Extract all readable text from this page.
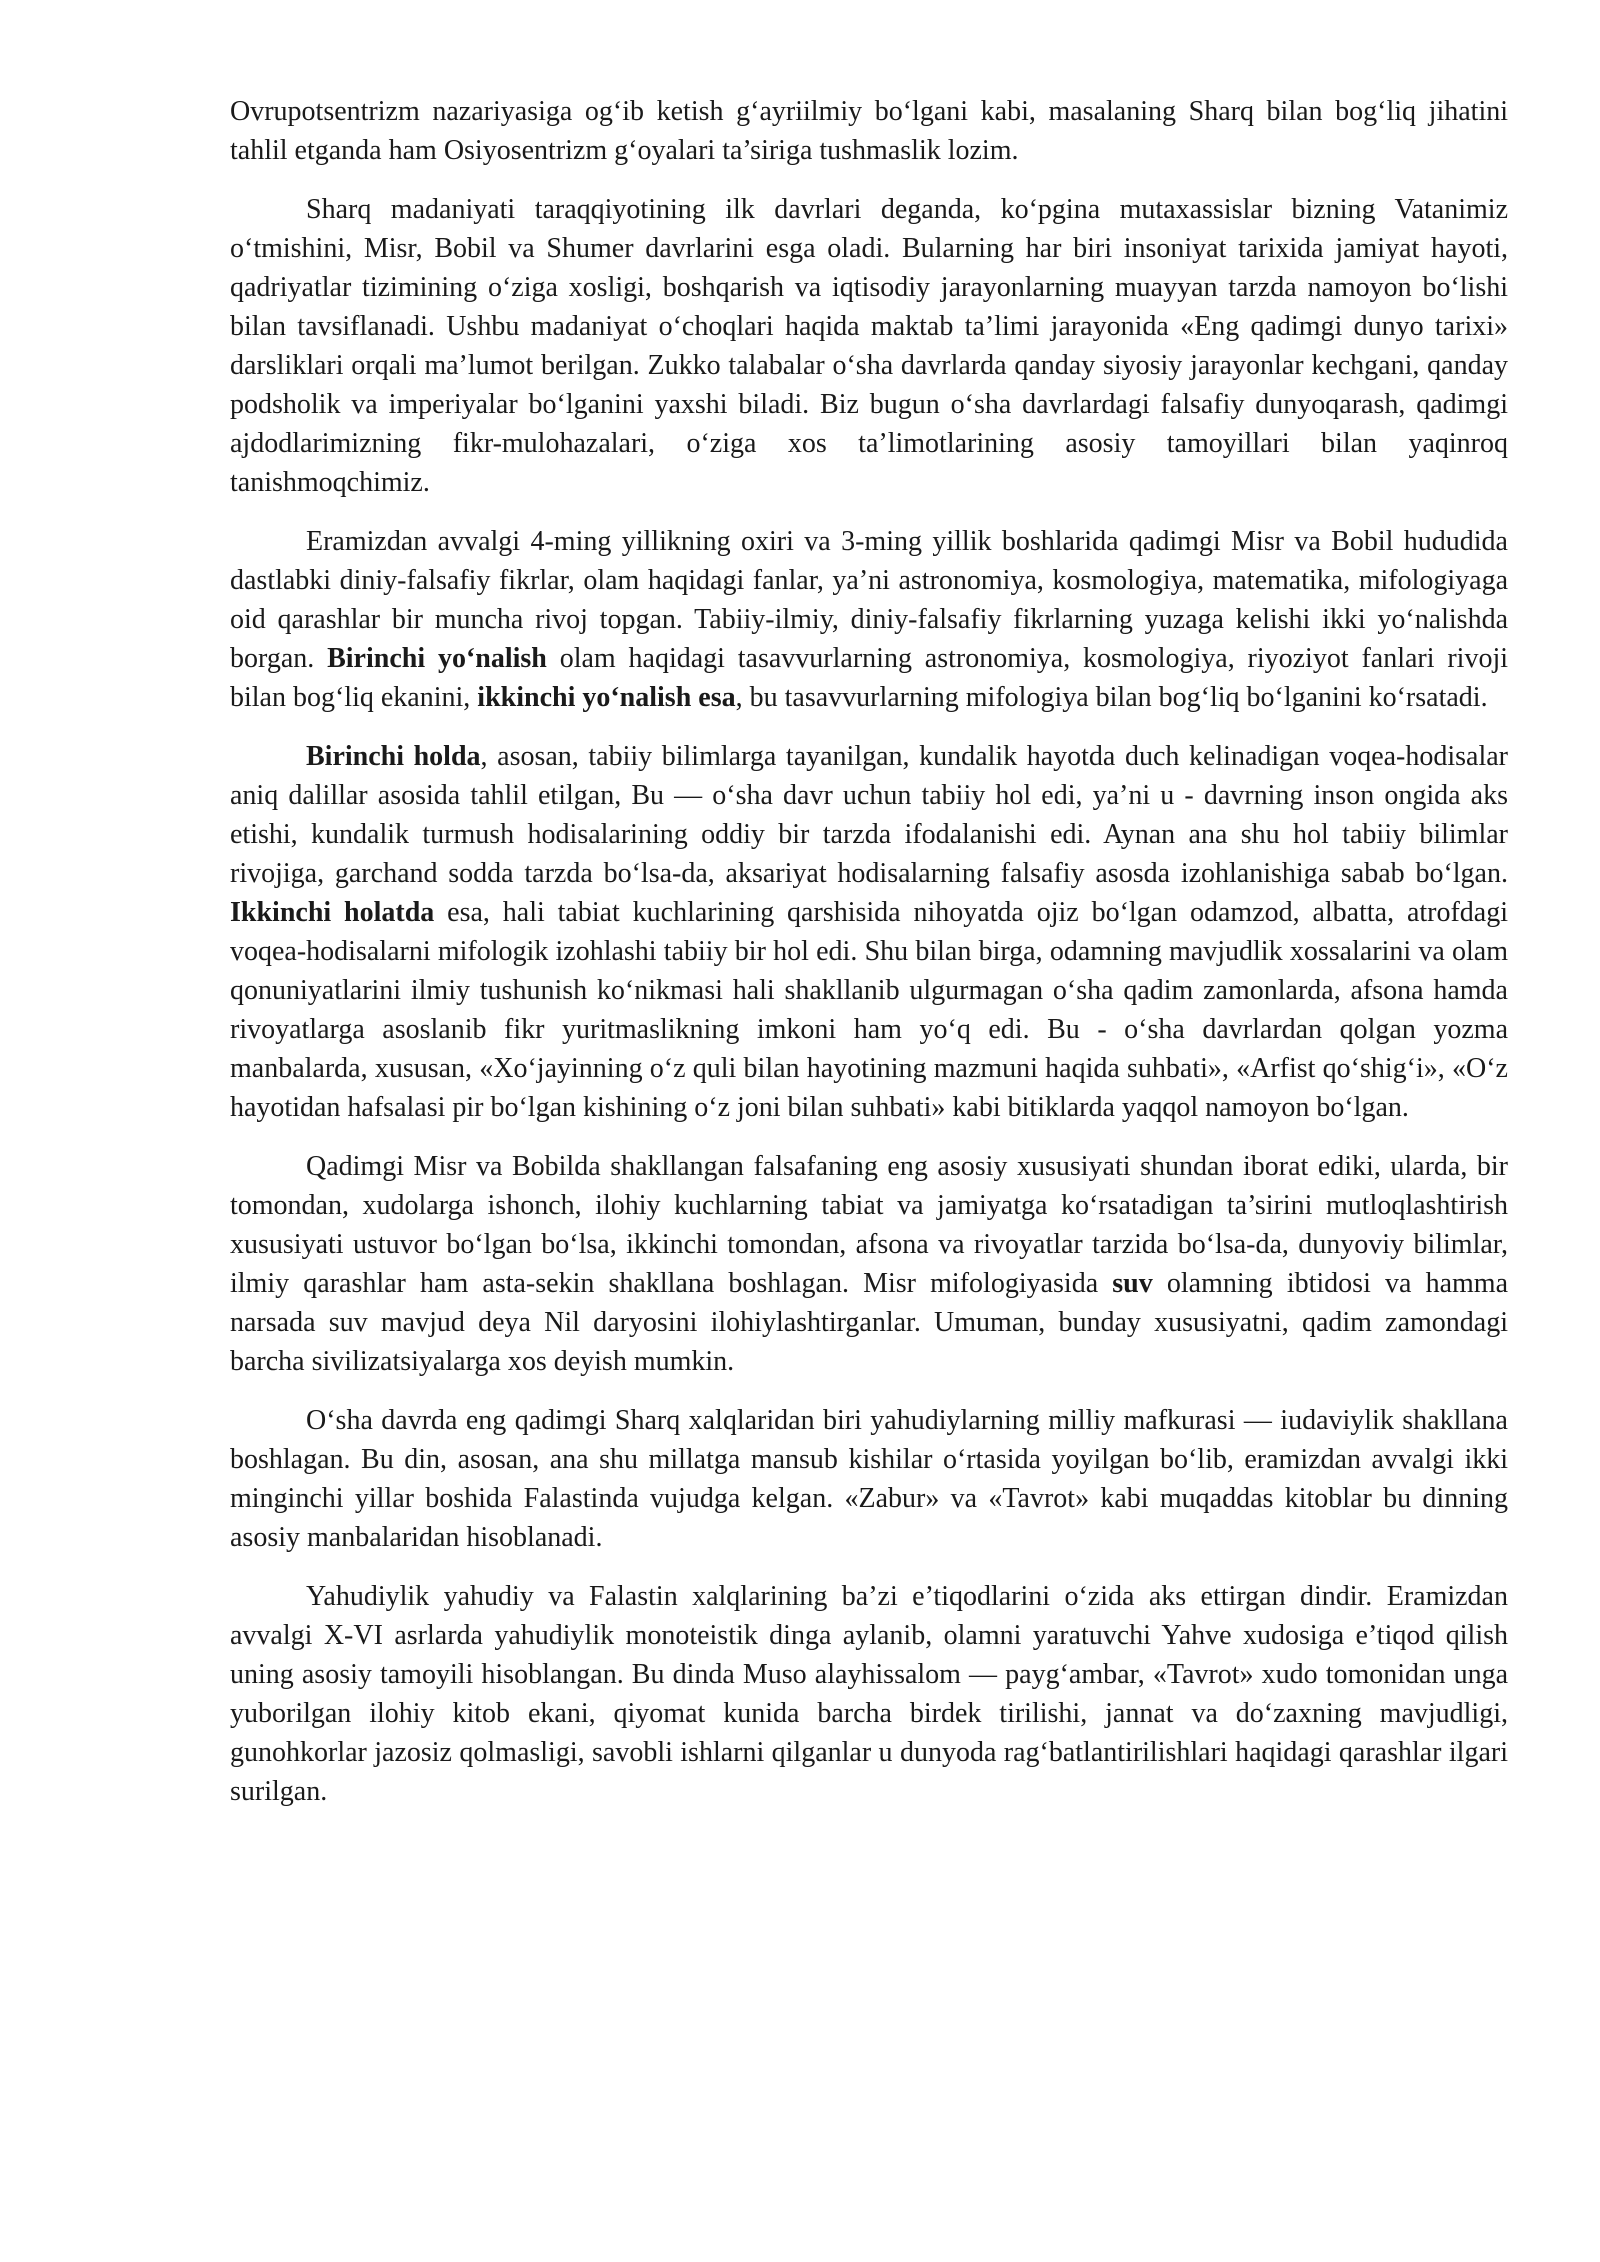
Ovrupotsentrizm nazariyasiga og‘ib ketish g‘ayriilmiy bo‘lgani kabi, masalaning Sharq bilan bog‘liq jihatini tahlil etganda ham Osiyosentrizm g‘oyalari ta’siriga tushmaslik lozim.

Sharq madaniyati taraqqiyotining ilk davrlari deganda, ko‘pgina mutaxassislar bizning Vatanimiz o‘tmishini, Misr, Bobil va Shumer davrlarini esga oladi. Bularning har biri insoniyat tarixida jamiyat hayoti, qadriyatlar tizimining o‘ziga xosligi, boshqarish va iqtisodiy jarayonlarning muayyan tarzda namoyon bo‘lishi bilan tavsiflanadi. Ushbu madaniyat o‘choqlari haqida maktab ta’limi jarayonida «Eng qadimgi dunyo tarixi» darsliklari orqali ma’lumot berilgan. Zukko talabalar o‘sha davrlarda qanday siyosiy jarayonlar kechgani, qanday podsholik va imperiyalar bo‘lganini yaxshi biladi. Biz bugun o‘sha davrlardagi falsafiy dunyoqarash, qadimgi ajdodlarimizning fikr-mulohazalari, o‘ziga xos ta’limotlarining asosiy tamoyillari bilan yaqinroq tanishmoqchimiz.

Eramizdan avvalgi 4-ming yillikning oxiri va 3-ming yillik boshlarida qadimgi Misr va Bobil hududida dastlabki diniy-falsafiy fikrlar, olam haqidagi fanlar, ya’ni astronomiya, kosmologiya, matematika, mifologiyaga oid qarashlar bir muncha rivoj topgan. Tabiiy-ilmiy, diniy-falsafiy fikrlarning yuzaga kelishi ikki yo‘nalishda borgan. Birinchi yo‘nalish olam haqidagi tasavvurlarning astronomiya, kosmologiya, riyoziyot fanlari rivoji bilan bog‘liq ekanini, ikkinchi yo‘nalish esa, bu tasavvurlarning mifologiya bilan bog‘liq bo‘lganini ko‘rsatadi.

Birinchi holda, asosan, tabiiy bilimlarga tayanilgan, kundalik hayotda duch kelinadigan voqea-hodisalar aniq dalillar asosida tahlil etilgan, Bu — o‘sha davr uchun tabiiy hol edi, ya’ni u - davrning inson ongida aks etishi, kundalik turmush hodisalarining oddiy bir tarzda ifodalanishi edi. Aynan ana shu hol tabiiy bilimlar rivojiga, garchand sodda tarzda bo‘lsa-da, aksariyat hodisalarning falsafiy asosda izohlanishiga sabab bo‘lgan. Ikkinchi holatda esa, hali tabiat kuchlarining qarshisida nihoyatda ojiz bo‘lgan odamzod, albatta, atrofdagi voqea-hodisalarni mifologik izohlashi tabiiy bir hol edi. Shu bilan birga, odamning mavjudlik xossalarini va olam qonuniyatlarini ilmiy tushunish ko‘nikmasi hali shakllanib ulgurmagan o‘sha qadim zamonlarda, afsona hamda rivoyatlarga asoslanib fikr yuritmaslikning imkoni ham yo‘q edi. Bu - o‘sha davrlardan qolgan yozma manbalarda, xususan, «Xo‘jayinning o‘z quli bilan hayotining mazmuni haqida suhbati», «Arfist qo‘shig‘i», «O‘z hayotidan hafsalasi pir bo‘lgan kishining o‘z joni bilan suhbati» kabi bitiklarda yaqqol namoyon bo‘lgan.

Qadimgi Misr va Bobilda shakllangan falsafaning eng asosiy xususiyati shundan iborat ediki, ularda, bir tomondan, xudolarga ishonch, ilohiy kuchlarning tabiat va jamiyatga ko‘rsatadigan ta’sirini mutloqlashtirish xususiyati ustuvor bo‘lgan bo‘lsa, ikkinchi tomondan, afsona va rivoyatlar tarzida bo‘lsa-da, dunyoviy bilimlar, ilmiy qarashlar ham asta-sekin shakllana boshlagan. Misr mifologiyasida suv olamning ibtidosi va hamma narsada suv mavjud deya Nil daryosini ilohiylashtirganlar. Umuman, bunday xususiyatni, qadim zamondagi barcha sivilizatsiyalarga xos deyish mumkin.

O‘sha davrda eng qadimgi Sharq xalqlaridan biri yahudiylarning milliy mafkurasi — iudaviylik shakllana boshlagan. Bu din, asosan, ana shu millatga mansub kishilar o‘rtasida yoyilgan bo‘lib, eramizdan avvalgi ikki minginchi yillar boshida Falastinda vujudga kelgan. «Zabur» va «Tavrot» kabi muqaddas kitoblar bu dinning asosiy manbalaridan hisoblanadi.

Yahudiylik yahudiy va Falastin xalqlarining ba’zi e’tiqodlarini o‘zida aks ettirgan dindir. Eramizdan avvalgi X-VI asrlarda yahudiylik monoteistik dinga aylanib, olamni yaratuvchi Yahve xudosiga e’tiqod qilish uning asosiy tamoyili hisoblangan. Bu dinda Muso alayhissalom — payg‘ambar, «Tavrot» xudo tomonidan unga yuborilgan ilohiy kitob ekani, qiyomat kunida barcha birdek tirilishi, jannat va do‘zaxning mavjudligi, gunohkorlar jazosiz qolmasligi, savobli ishlarni qilganlar u dunyoda rag‘batlantirilishlari haqidagi qarashlar ilgari surilgan.
